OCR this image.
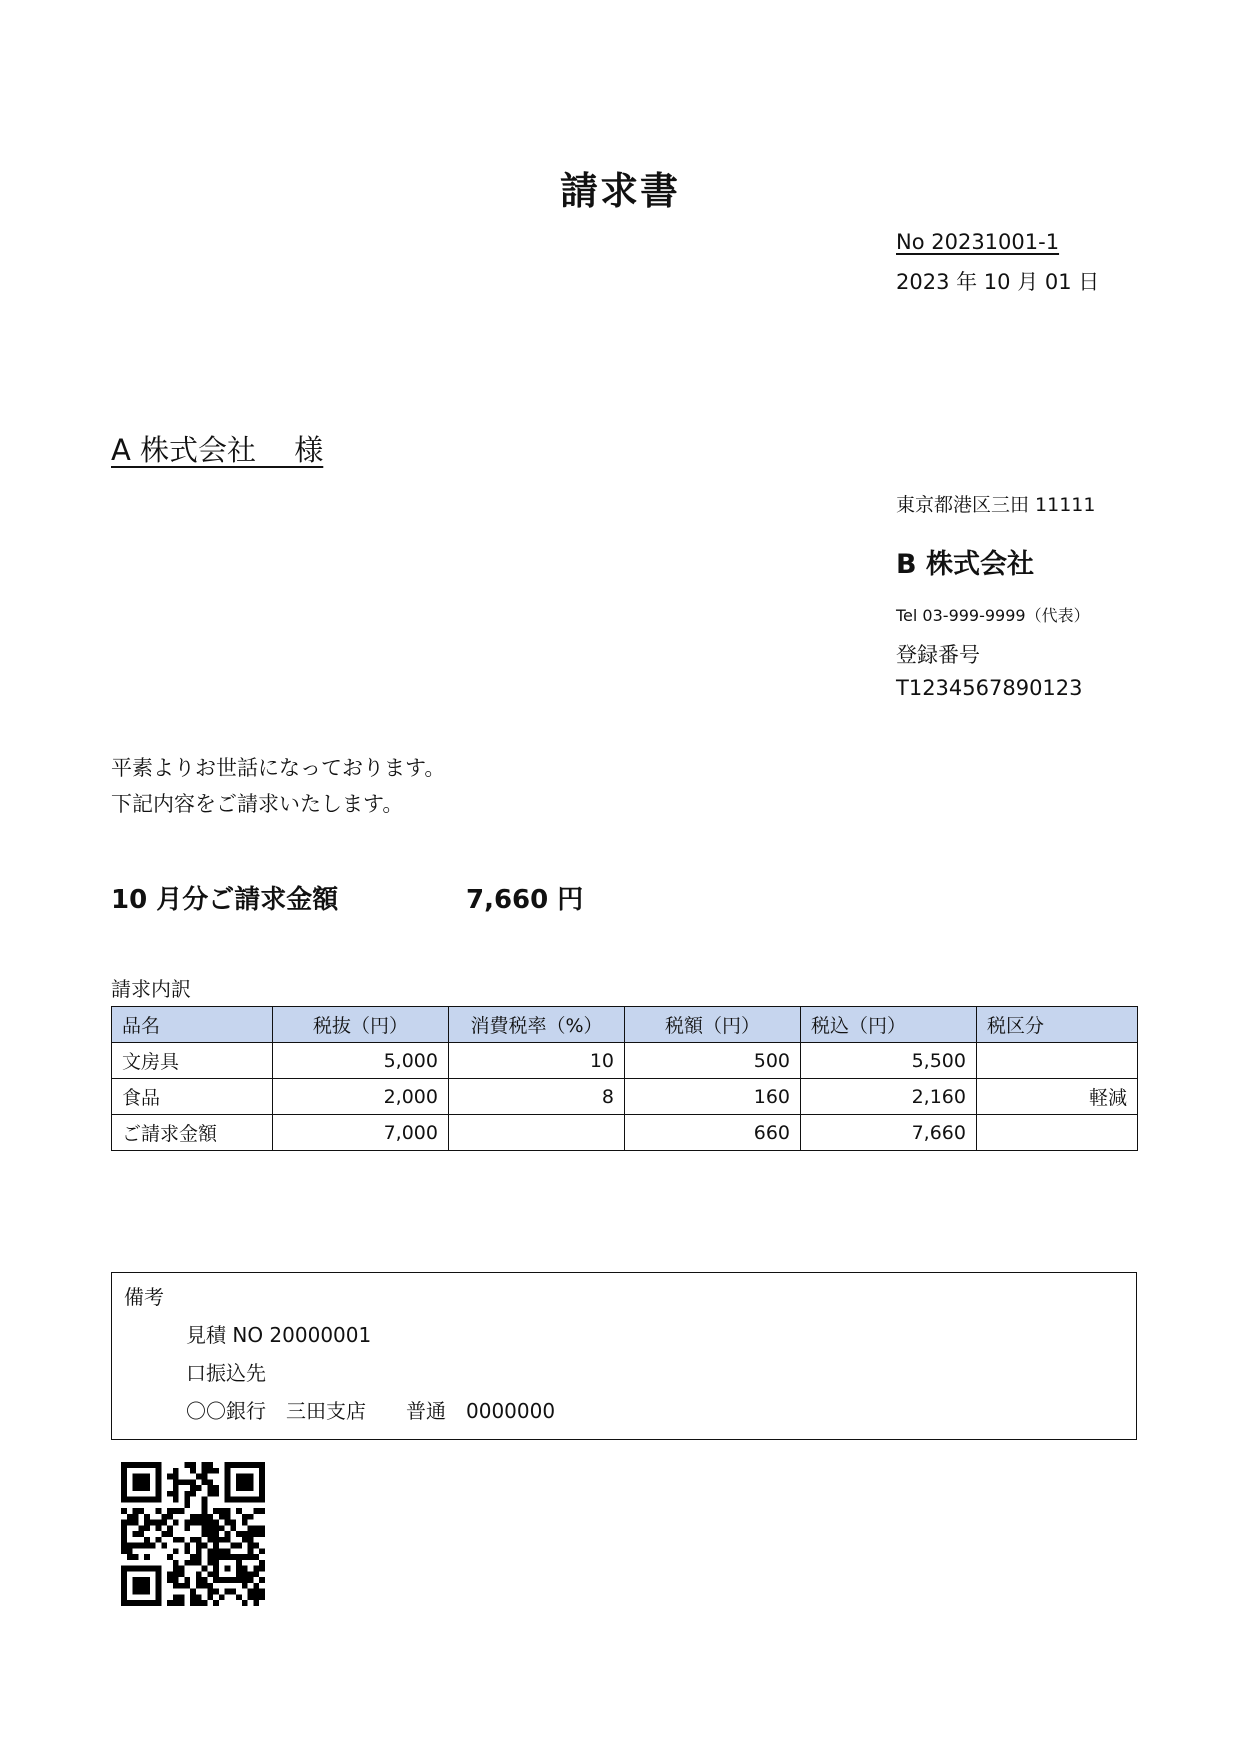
請求書
No 20231001-1
2023 年 10 月 01 日
A 株式会社　 様
東京都港区三田 11111
B 株式会社
Tel 03-999-9999（代表）
登録番号
T1234567890123
平素よりお世話になっております。
下記内容をご請求いたします。
10 月分ご請求金額	7,660 円
請求内訳
品名	税抜（円）	消費税率（%）	税額（円）	税込（円）	税区分
文房具	5,000	10	500	5,500	
食品	2,000	8	160	2,160	軽減
ご請求金額	7,000		660	7,660	
備考
見積 NO 20000001
口振込先
〇〇銀行　三田支店　　普通　0000000
